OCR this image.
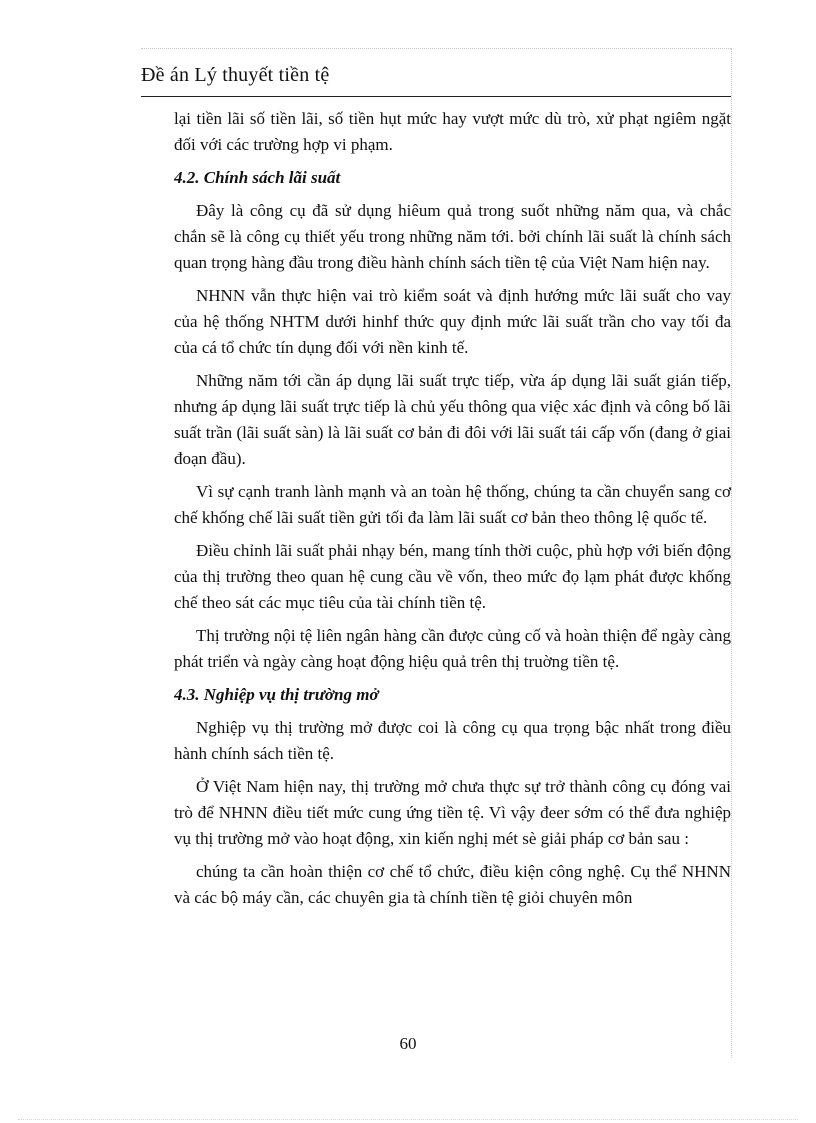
Đề án Lý thuyết tiền tệ

lại tiền lãi số tiền lãi, số tiền hụt mức hay vượt mức dù trò, xử phạt ngiêm ngặt đối với các trường hợp vi phạm.

4.2. Chính sách lãi suất

Đây là công cụ đã sử dụng hiêum quả trong suốt những năm qua, và chắc chắn sẽ là công cụ thiết yếu trong những năm tới. bởi chính lãi suất là chính sách quan trọng hàng đầu trong điều hành chính sách tiền tệ của Việt Nam hiện nay.

NHNN vẫn thực hiện vai trò kiểm soát và định hướng mức lãi suất cho vay của hệ thống NHTM dưới hinhf thức quy định mức lãi suất trần cho vay tối đa của cá tổ chức tín dụng đối với nền kinh tế.

Những năm tới cần áp dụng lãi suất trực tiếp, vừa áp dụng lãi suất gián tiếp, nhưng áp dụng lãi suất trực tiếp là chủ yếu thông qua việc xác định và công bố lãi suất trần (lãi suất sàn) là lãi suất cơ bản đi đôi với lãi suất tái cấp vốn (đang ở giai đoạn đầu).

Vì sự cạnh tranh lành mạnh và an toàn hệ thống, chúng ta cần chuyển sang cơ chế khống chế lãi suất tiền gửi tối đa làm lãi suất cơ bản theo thông lệ quốc tế.

Điều chỉnh lãi suất phải nhạy bén, mang tính thời cuộc, phù hợp với biến động của thị trường theo quan hệ cung cầu về vốn, theo mức đọ lạm phát được khống chế theo sát các mục tiêu của tài chính tiền tệ.

Thị trường nội tệ liên ngân hàng cần được củng cố và hoàn thiện để ngày càng phát triển và ngày càng hoạt động hiệu quả trên thị truờng tiền tệ.

4.3. Nghiệp vụ thị trường mở

Nghiệp vụ thị trường mở được coi là công cụ qua trọng bậc nhất trong điều hành chính sách tiền tệ.

Ở Việt Nam hiện nay, thị trường mở chưa thực sự trở thành công cụ đóng vai trò để NHNN điều tiết mức cung ứng tiền tệ. Vì vậy đeer sớm có thể đưa nghiệp vụ thị trường mở vào hoạt động, xin kiến nghị mét sè giải pháp cơ bản sau :

chúng ta cần hoàn thiện cơ chế tổ chức, điều kiện công nghệ. Cụ thể NHNN và các bộ máy cần, các chuyên gia tà chính tiền tệ giỏi chuyên môn

60
